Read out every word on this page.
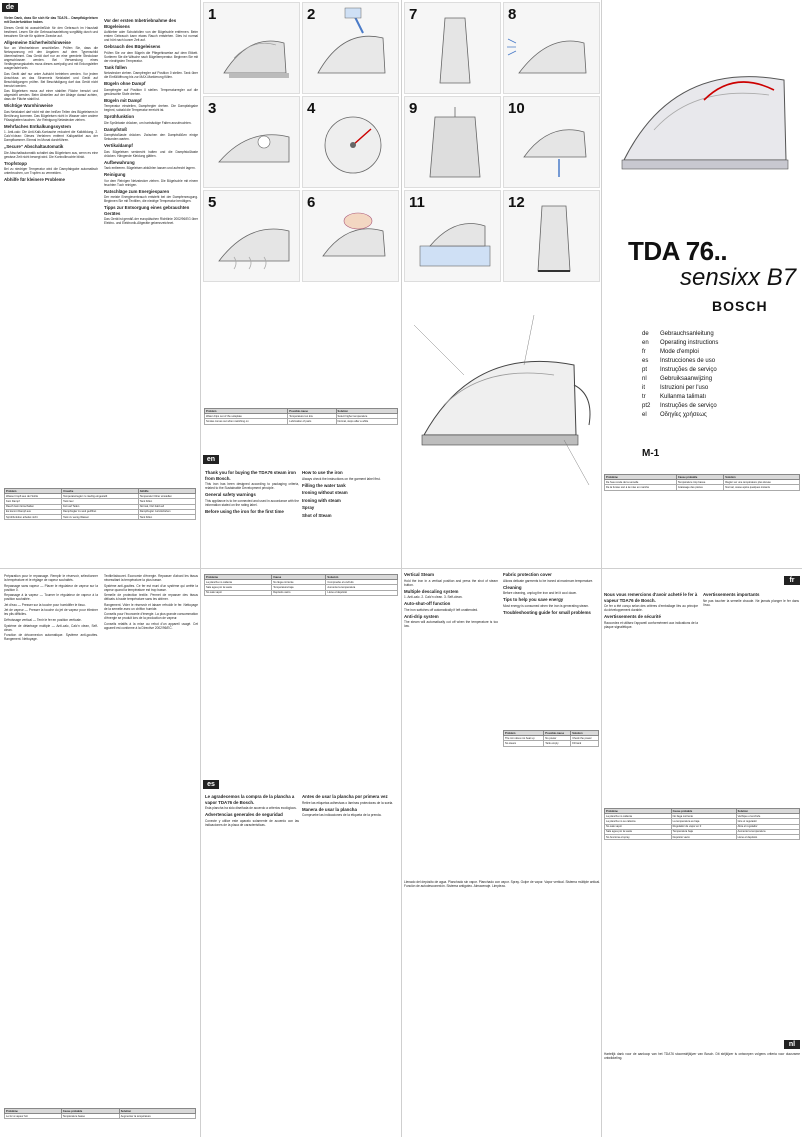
de

Vielen Dank, dass Sie sich für das TDA76… Dampfbügeleisen mit Dosierfunktion haben.

Dieses Gerät ist ausschließlich für den Gebrauch im Haushalt bestimmt. Lesen Sie die Gebrauchsanleitung sorgfältig durch und bewahren Sie sie für spätere Zwecke auf.

Allgemeine Sicherheitshinweise

Nur an Wechselstrom anschließen. Prüfen Sie, dass die Netzspannung mit den Angaben auf dem Typenschild übereinstimmt. Das Gerät darf nur an eine geerdete Steckdose angeschlossen werden. Bei Verwendung eines Verlängerungskabels muss dieses zweipolig und mit Erdungsleiter ausgerüstet sein.

Das Gerät darf nur unter Aufsicht betrieben werden. Vor jedem Anschluss an das Stromnetz Netzkabel und Gerät auf Beschädigungen prüfen. Bei Beschädigung darf das Gerät nicht benutzt werden.

Das Bügeleisen muss auf einer stabilen Fläche benutzt und abgestellt werden. Beim Abstellen auf der Ablage darauf achten, dass die Fläche stabil ist.

Wichtige Warnhinweise

Das Netzkabel darf nicht mit den heißen Teilen des Bügeleisens in Berührung kommen. Das Bügeleisen nicht in Wasser oder andere Flüssigkeiten tauchen. Vor Reinigung Netzstecker ziehen.

Mehrfaches Entkalkungssystem

1. Anti-calc: Die Anti-Kalk-Kartusche reduziert die Kalkbildung. 2. Calc'n'clean: Dieses Verfahren entfernt Kalkpartikel aus der Dampfkammer. Einmal im Monat durchführen.

„Secure“ Abschaltautomatik

Die Abschaltautomatik schaltet das Bügeleisen aus, wenn es eine gewisse Zeit nicht bewegt wird. Die Kontrollleuchte blinkt.

Tropfstopp

Bei zu niedriger Temperatur wird die Dampfabgabe automatisch unterbrochen, um Tropfen zu vermeiden.

Abhilfe für kleinere Probleme
Problem	Ursache	Abhilfe
Wasser tropft aus der Sohle	Temperaturregler zu niedrig eingestellt	Temperatur höher einstellen
Kein Dampf	Tank leer	Tank füllen
Rauch beim Einschalten	Fett auf Teilen	Normal, hört bald auf
Es kommt Dampf aus	Dampfregler zu weit geöffnet	Dampfregler zurückdrehen
Sprühfunktion arbeitet nicht	Tank zu wenig Wasser	Tank füllen
Vor der ersten Inbetriebnahme des Bügeleisens

Aufkleber oder Schutzfolien von der Bügelsohle entfernen. Beim ersten Gebrauch kann etwas Rauch entstehen. Dies ist normal und hört nach kurzer Zeit auf.

Gebrauch des Bügeleisens

Prüfen Sie vor dem Bügeln die Pflegehinweise auf dem Etikett. Sortieren Sie die Wäsche nach Bügeltemperatur. Beginnen Sie mit der niedrigsten Temperatur.

Tank füllen

Netzstecker ziehen. Dampfregler auf Position 0 stellen. Tank über die Einfüllöffnung bis zur MAX-Markierung füllen.

Bügeln ohne Dampf

Dampfregler auf Position 0 stellen. Temperaturregler auf die gewünschte Stufe drehen.

Bügeln mit Dampf

Temperatur einstellen, Dampfregler drehen. Die Dampfabgabe beginnt, sobald die Temperatur erreicht ist.

Sprühfunktion

Die Sprühtaste drücken, um hartnäckige Falten anzufeuchten.

Dampfstoß

Dampfstoßtaste drücken. Zwischen den Dampfstößen einige Sekunden warten.

Vertikaldampf

Das Bügeleisen senkrecht halten und die Dampfstoßtaste drücken. Hängende Kleidung glätten.

Aufbewahrung

Tank entleeren. Bügeleisen abkühlen lassen und aufrecht lagern.

Reinigung

Vor dem Reinigen Netzstecker ziehen. Die Bügelsohle mit einem feuchten Tuch reinigen.

Ratschläge zum Energiesparen

Der meiste Energieverbrauch entsteht bei der Dampferzeugung. Beginnen Sie mit Textilien, die niedrige Temperatur benötigen.

Tipps zur Entsorgung eines gebrauchten Gerätes

Das Gerät ist gemäß der europäischen Richtlinie 2002/96/EG über Elektro- und Elektronik-Altgeräte gekennzeichnet.

1	2
3	4
5	6
7	8
9	10
11	12
TDA 76..
sensixx B7
BOSCH
de Gebrauchsanleitung
en Operating instructions
fr Mode d'emploi
es Instrucciones de uso
pt Instruções de serviço
nl Gebruiksaanwijzing
it	Istruzioni per l'uso
tr Kullanma talimatı
pt2 Instruções de serviço
el Οδηγίες χρήσεως
M-1

Préparation pour le repassage. Remplir le réservoir, sélectionner la température et le réglage de vapeur souhaités.

Repassage sans vapeur — Placer le régulateur de vapeur sur la position 0.

Repassage à la vapeur — Tourner le régulateur de vapeur à la position souhaitée.

Jet d'eau — Presser sur la touche pour humidifier le tissu.

Jet de vapeur — Presser la touche du jet de vapeur pour éliminer les plis difficiles.

Défroissage vertical — Tenir le fer en position verticale.

Système de détartrage multiple — Anti-calc, Calc'n clean, Self-clean.

Fonction de déconnexion automatique. Système anti-gouttes. Rangement. Nettoyage.

Problème	Cause probable	Solution
Le fer à vapeur fuit	Température basse	Augmenter la température

Textile/tabouret. Économie d'énergie. Repasser d'abord les tissus nécessitant la température la plus basse.

Système anti-gouttes. Ce fer est muni d'un système qui arrête la vapeur quand la température est trop basse.

Semelle de protection textile. Permet de repasser des tissus délicats à haute température sans les abîmer.

Rangement. Vider le réservoir et laisser refroidir le fer. Nettoyage de la semelle avec un chiffon humide.

Conseils pour l'économie d'énergie. La plus grande consommation d'énergie se produit lors de la production de vapeur.

Conseils relatifs à la mise au rebut d'un appareil usagé. Cet appareil est conforme à la Directive 2002/96/EC.

Problem	Possible cause	Solution
Water drips out of the soleplate	Temperature too low	Select higher temperature
Smoke comes out when switching on	Lubrication of parts	Normal, stops after a while
en
Thank you for buying the TDA76 steam iron from Bosch.

This iron has been designed according to packaging criteria, related to the Sustainable Development principle.

General safety warnings

This appliance is to be connected and used in accordance with the information stated on the rating label.

Before using the iron for the first time
How to use the iron

Always check the instructions on the garment label first.

Filling the water tank
Ironing without steam
Ironing with steam
Spray
Shot of Steam
Vertical Steam

Hold the iron in a vertical position and press the shot of steam button.

Multiple descaling system

1. Anti-calc. 2. Calc'n clean. 3. Self-clean.

Auto-shut-off function

The iron switches off automatically if left unattended.

Anti-drip system

The steam will automatically cut off when the temperature is too low.

Fabric protection cover

Allows delicate garments to be ironed at maximum temperature.

Cleaning

Before cleaning, unplug the iron and let it cool down.

Tips to help you save energy

Most energy is consumed when the iron is generating steam.

Troubleshooting guide for small problems
Problem	Possible cause	Solution
The iron does not heat up	No power	Check the power
No steam	Tank empty	Fill tank
Problema	Causa	Solución
La plancha no calienta	No llega corriente	Compruebe el enchufe
Sale agua por la suela	Temperatura baja	Aumente la temperatura
No sale vapor	Depósito vacío	Llene el depósito
es
Le agradecemos la compra de la plancha a vapor TDA76 de Bosch.

Esta plancha ha sido diseñada de acuerdo a criterios ecológicos.

Advertencias generales de seguridad

Conecte y utilice este aparato solamente de acuerdo con las indicaciones de la placa de características.

Antes de usar la plancha por primera vez

Retire las etiquetas adhesivas o láminas protectoras de la suela.

Manera de usar la plancha

Compruebe las indicaciones de la etiqueta de la prenda.

Llenado del depósito de agua. Planchado sin vapor. Planchado con vapor. Spray. Golpe de vapor. Vapor vertical. Sistema múltiple antical. Función de autodesconexión. Sistema antigoteo. Almacenaje. Limpieza.

Problème	Cause probable	Solution
De l'eau coule de la semelle	Température trop basse	Régler sur une température plus élevée
De la fumée sort à la mise en marche	Graissage des pièces	Normal, cesse après quelques instants
fr
Nous vous remercions d'avoir acheté le fer à vapeur TDA76 de Bosch.

Ce fer a été conçu selon des critères d'emballage liés au principe du développement durable.

Avertissements de sécurité

Raccordez et utilisez l'appareil conformément aux indications de la plaque signalétique.

Avertissements importants

Ne pas toucher la semelle chaude. Ne jamais plonger le fer dans l'eau.

Problème	Cause probable	Solution
La plancha no calienta	No llega corriente	Verifique el enchufe
La plancha no se calienta	La temperatura es baja	Gire el regulador
No sale vapor	Regulador de vapor en 0	Abra el regulador
Sale agua por la suela	Temperatura baja	Aumente la temperatura
No funciona el spray	Depósito vacío	Llene el depósito
nl

Hartelijk dank voor de aankoop van het TDA76 stoomstrijkijzer van Bosch. Dit strijkijzer is ontworpen volgens criteria voor duurzame ontwikkeling.
